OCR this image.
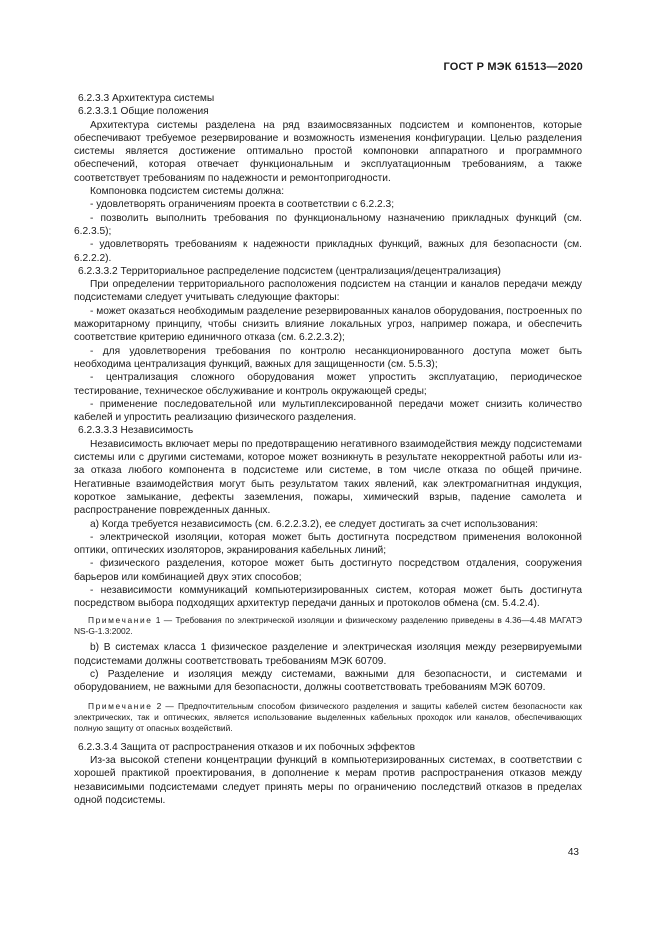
ГОСТ Р МЭК 61513—2020

6.2.3.3 Архитектура системы

6.2.3.3.1 Общие положения

Архитектура системы разделена на ряд взаимосвязанных подсистем и компонентов, которые обеспечивают требуемое резервирование и возможность изменения конфигурации. Целью разделения системы является достижение оптимально простой компоновки аппаратного и программного обеспечений, которая отвечает функциональным и эксплуатационным требованиям, а также соответствует требованиям по надежности и ремонтопригодности.

Компоновка подсистем системы должна:

- удовлетворять ограничениям проекта в соответствии с 6.2.2.3;

- позволить выполнить требования по функциональному назначению прикладных функций (см. 6.2.3.5);

- удовлетворять требованиям к надежности прикладных функций, важных для безопасности (см. 6.2.2.2).

6.2.3.3.2 Территориальное распределение подсистем (централизация/децентрализация)

При определении территориального расположения подсистем на станции и каналов передачи между подсистемами следует учитывать следующие факторы:

- может оказаться необходимым разделение резервированных каналов оборудования, построенных по мажоритарному принципу, чтобы снизить влияние локальных угроз, например пожара, и обеспечить соответствие критерию единичного отказа (см. 6.2.2.3.2);

- для удовлетворения требования по контролю несанкционированного доступа может быть необходима централизация функций, важных для защищенности (см. 5.5.3);

- централизация сложного оборудования может упростить эксплуатацию, периодическое тестирование, техническое обслуживание и контроль окружающей среды;

- применение последовательной или мультиплексированной передачи может снизить количество кабелей и упростить реализацию физического разделения.

6.2.3.3.3 Независимость

Независимость включает меры по предотвращению негативного взаимодействия между подсистемами системы или с другими системами, которое может возникнуть в результате некорректной работы или из-за отказа любого компонента в подсистеме или системе, в том числе отказа по общей причине. Негативные взаимодействия могут быть результатом таких явлений, как электромагнитная индукция, короткое замыкание, дефекты заземления, пожары, химический взрыв, падение самолета и распространение поврежденных данных.

a) Когда требуется независимость (см. 6.2.2.3.2), ее следует достигать за счет использования:

- электрической изоляции, которая может быть достигнута посредством применения волоконной оптики, оптических изоляторов, экранирования кабельных линий;

- физического разделения, которое может быть достигнуто посредством отдаления, сооружения барьеров или комбинацией двух этих способов;

- независимости коммуникаций компьютеризированных систем, которая может быть достигнута посредством выбора подходящих архитектур передачи данных и протоколов обмена (см. 5.4.2.4).

Примечание 1 — Требования по электрической изоляции и физическому разделению приведены в 4.36—4.48 МАГАТЭ NS-G-1.3:2002.

b) В системах класса 1 физическое разделение и электрическая изоляция между резервируемыми подсистемами должны соответствовать требованиям МЭК 60709.

c) Разделение и изоляция между системами, важными для безопасности, и системами и оборудованием, не важными для безопасности, должны соответствовать требованиям МЭК 60709.

Примечание 2 — Предпочтительным способом физического разделения и защиты кабелей систем безопасности как электрических, так и оптических, является использование выделенных кабельных проходок или каналов, обеспечивающих полную защиту от опасных воздействий.

6.2.3.3.4 Защита от распространения отказов и их побочных эффектов

Из-за высокой степени концентрации функций в компьютеризированных системах, в соответствии с хорошей практикой проектирования, в дополнение к мерам против распространения отказов между независимыми подсистемами следует принять меры по ограничению последствий отказов в пределах одной подсистемы.

43
